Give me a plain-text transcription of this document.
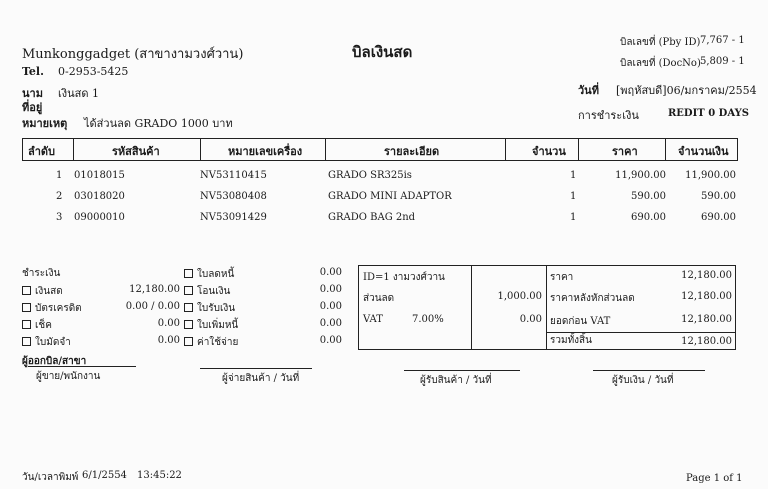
Munkonggadget (สาขางามวงศ์วาน)	บิลเงินสด
Tel. 0-2953-5425
นาม เงินสด 1
ที่อยู่
หมายเหตุ ได้ส่วนลด GRADO 1000 บาท
บิลเลขที่ (Pby ID) 7,767 - 1
บิลเลขที่ (DocNo) 5,809 - 1
วันที่ [พฤหัสบดี]06/มกราคม/2554
การชำระเงิน	REDIT 0 DAYS
ลำดับ	รหัสสินค้า	หมายเลขเครื่อง	รายละเอียด	จำนวน	ราคา	จำนวนเงิน
1 01018015	NV53110415	GRADO SR325is	1	11,900.00	11,900.00
2 03018020	NV53080408	GRADO MINI ADAPTOR	1	590.00	590.00
3 09000010	NV53091429	GRADO BAG 2nd	1	690.00	690.00
ชำระเงิน
เงินสด	12,180.00
บัตรเครดิต	0.00 / 0.00
เช็ค	0.00
ใบมัดจำ	0.00
ใบลดหนี้	0.00
โอนเงิน	0.00
ใบรับเงิน	0.00
ใบเพิ่มหนี้	0.00
ค่าใช้จ่าย	0.00
ID=1 งามวงศ์วาน
ส่วนลด	1,000.00
VAT	7.00%	0.00
ราคา	12,180.00
ราคาหลังหักส่วนลด	12,180.00
ยอดก่อน VAT	12,180.00
รวมทั้งสิ้น	12,180.00
ผู้ออกบิล/สาขา
ผู้ขาย/พนักงาน	ผู้จ่ายสินค้า / วันที่	ผู้รับสินค้า / วันที่	ผู้รับเงิน / วันที่
วัน/เวลาพิมพ์ 6/1/2554 13:45:22	Page 1 of 1
